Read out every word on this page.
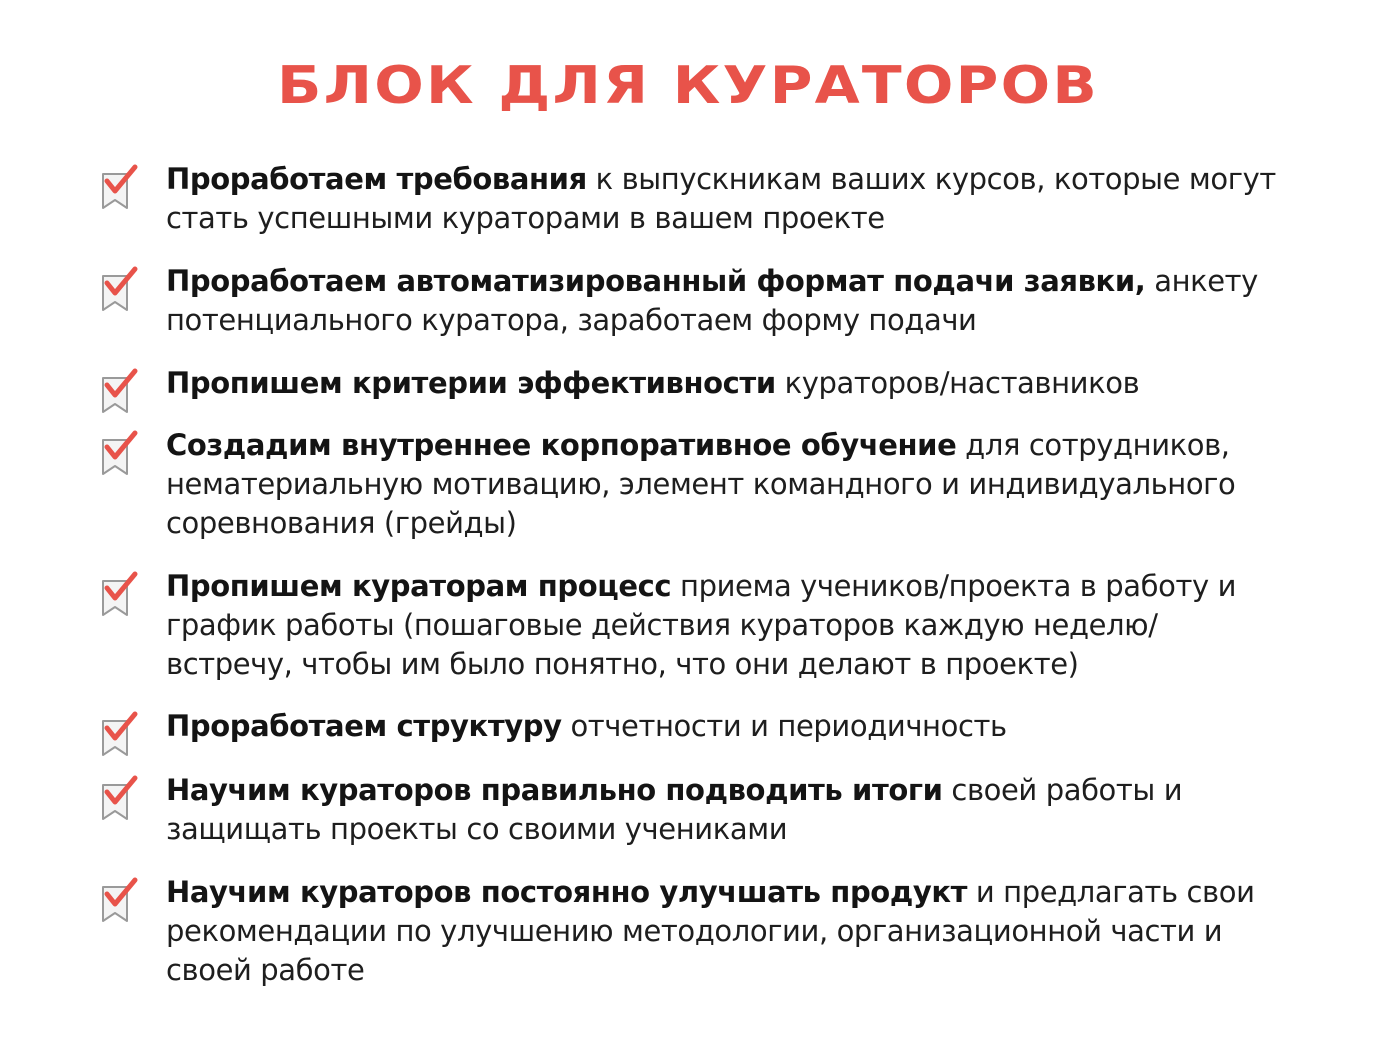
БЛОК ДЛЯ КУРАТОРОВ
Проработаем требования к выпускникам ваших курсов, которые могут стать успешными кураторами в вашем проекте
Проработаем автоматизированный формат подачи заявки, анкету потенциального куратора, заработаем форму подачи
Пропишем критерии эффективности кураторов/наставников
Создадим внутреннее корпоративное обучение для сотрудников, нематериальную мотивацию, элемент командного и индивидуального соревнования (грейды)
Пропишем кураторам процесс приема учеников/проекта в работу и график работы (пошаговые действия кураторов каждую неделю/встречу, чтобы им было понятно, что они делают в проекте)
Проработаем структуру отчетности и периодичность
Научим кураторов правильно подводить итоги своей работы и защищать проекты со своими учениками
Научим кураторов постоянно улучшать продукт и предлагать свои рекомендации по улучшению методологии, организационной части и своей работе
